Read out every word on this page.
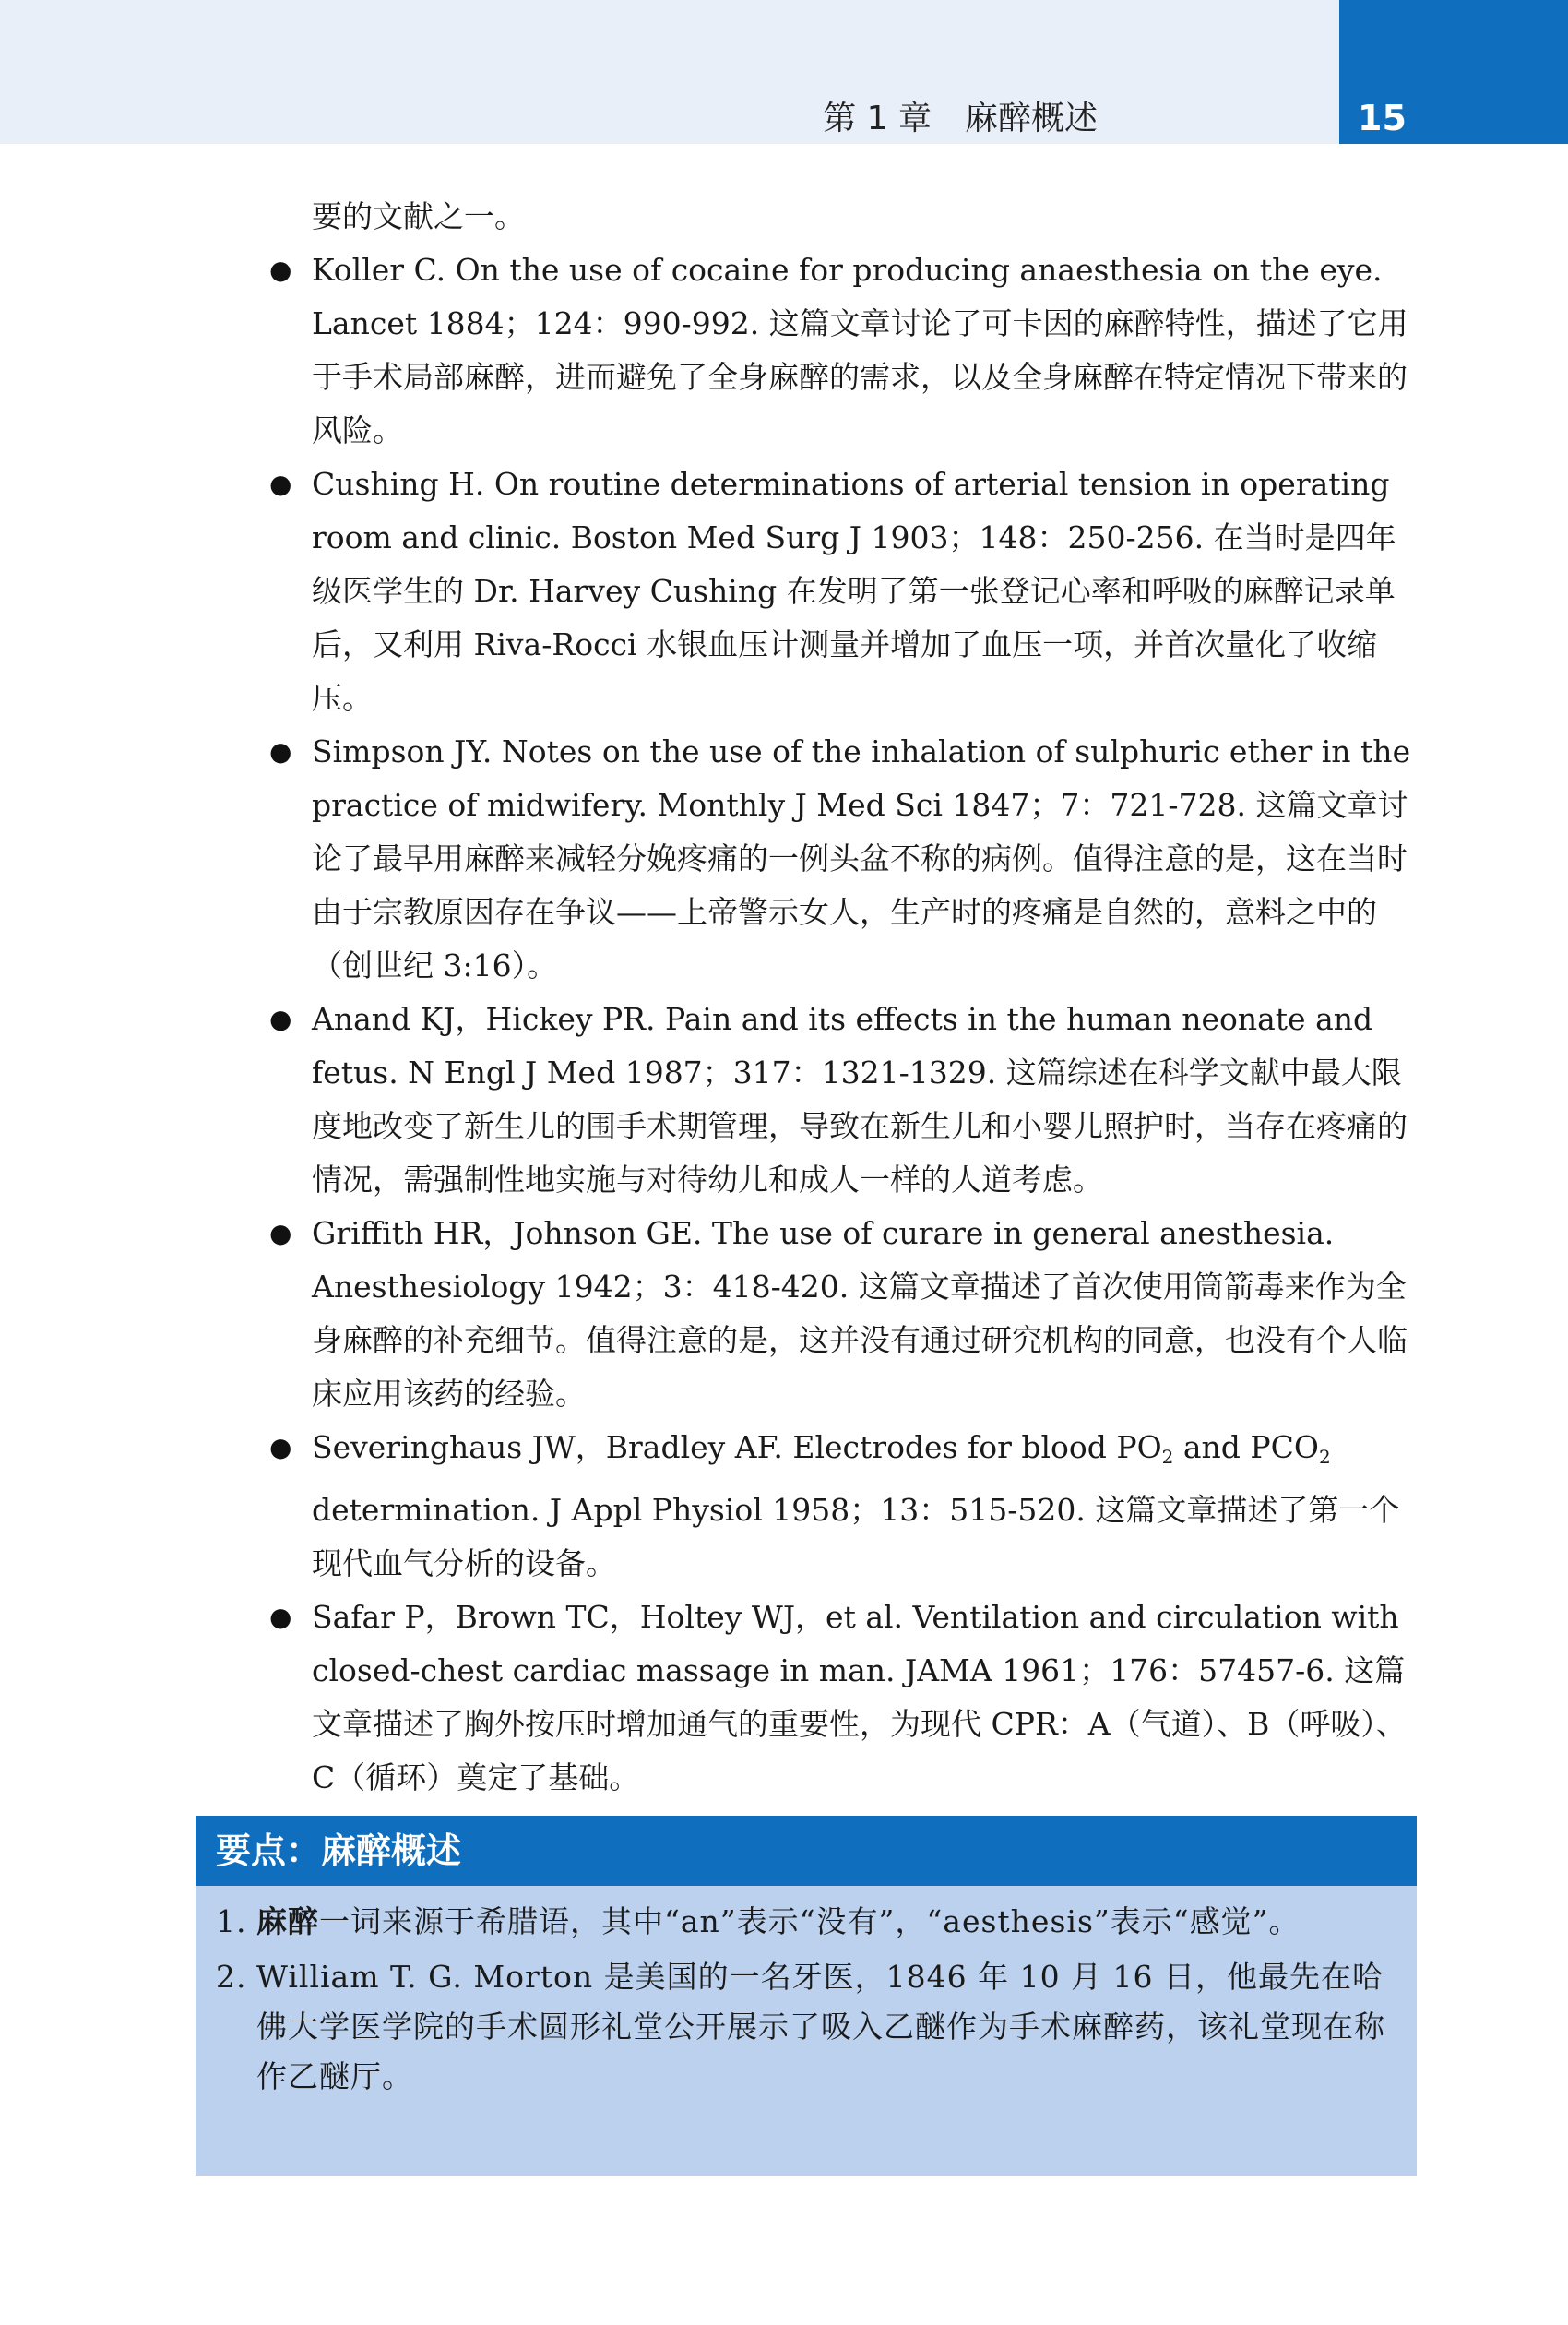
第 1 章　麻醉概述	15

要的文献之一。

● Koller C. On the use of cocaine for producing anaesthesia on the eye. Lancet 1884；124：990-992. 这篇文章讨论了可卡因的麻醉特性，描述了它用于手术局部麻醉，进而避免了全身麻醉的需求，以及全身麻醉在特定情况下带来的风险。
● Cushing H. On routine determinations of arterial tension in operating room and clinic. Boston Med Surg J 1903；148：250-256. 在当时是四年级医学生的 Dr. Harvey Cushing 在发明了第一张登记心率和呼吸的麻醉记录单后，又利用 Riva-Rocci 水银血压计测量并增加了血压一项，并首次量化了收缩压。
● Simpson JY. Notes on the use of the inhalation of sulphuric ether in the practice of midwifery. Monthly J Med Sci 1847；7：721-728. 这篇文章讨论了最早用麻醉来减轻分娩疼痛的一例头盆不称的病例。值得注意的是，这在当时由于宗教原因存在争议——上帝警示女人，生产时的疼痛是自然的，意料之中的（创世纪 3:16）。
● Anand KJ，Hickey PR. Pain and its effects in the human neonate and fetus. N Engl J Med 1987；317：1321-1329. 这篇综述在科学文献中最大限度地改变了新生儿的围手术期管理，导致在新生儿和小婴儿照护时，当存在疼痛的情况，需强制性地实施与对待幼儿和成人一样的人道考虑。
● Griffith HR，Johnson GE. The use of curare in general anesthesia. Anesthesiology 1942；3：418-420. 这篇文章描述了首次使用筒箭毒来作为全身麻醉的补充细节。值得注意的是，这并没有通过研究机构的同意，也没有个人临床应用该药的经验。
● Severinghaus JW，Bradley AF. Electrodes for blood $PO_2$ and $PCO_2$ determination. J Appl Physiol 1958；13：515-520. 这篇文章描述了第一个现代血气分析的设备。
● Safar P，Brown TC，Holtey WJ，et al. Ventilation and circulation with closed-chest cardiac massage in man. JAMA 1961；176：57457-6. 这篇文章描述了胸外按压时增加通气的重要性，为现代 CPR：A（气道）、B（呼吸）、C（循环）奠定了基础。
要点：麻醉概述
1. 麻醉一词来源于希腊语，其中“an”表示“没有”，“aesthesis”表示“感觉”。
2. William T. G. Morton 是美国的一名牙医，1846 年 10 月 16 日，他最先在哈佛大学医学院的手术圆形礼堂公开展示了吸入乙醚作为手术麻醉药，该礼堂现在称作乙醚厅。
